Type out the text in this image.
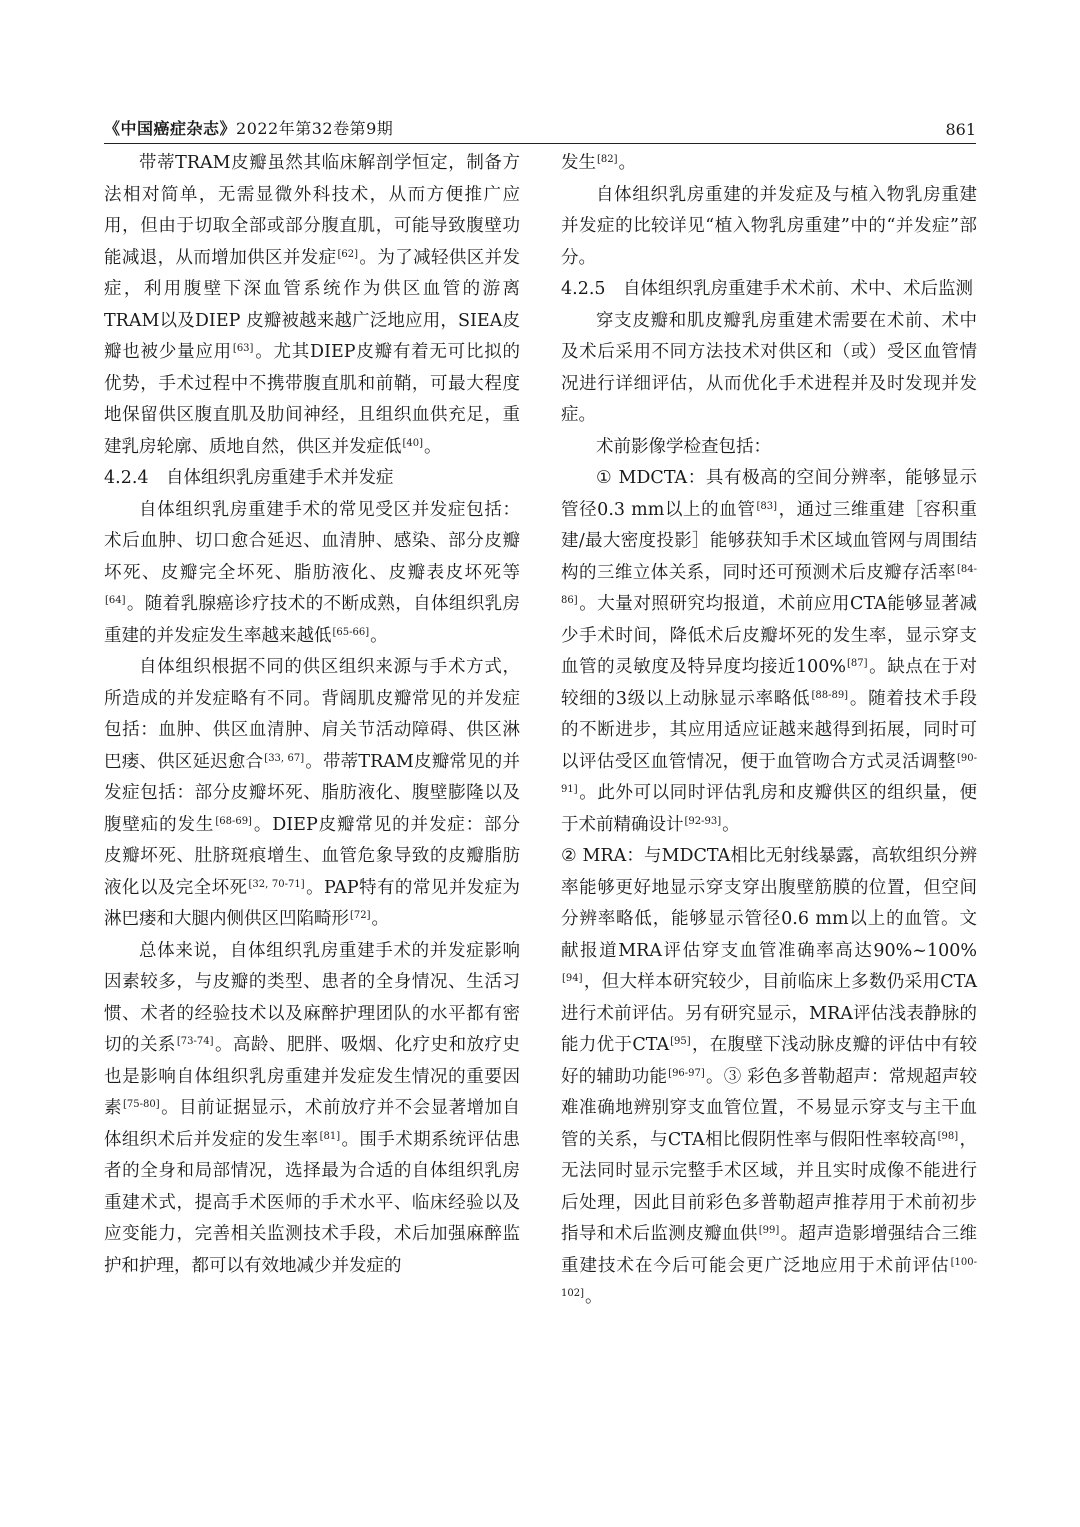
《中国癌症杂志》2022年第32卷第9期	861

带蒂TRAM皮瓣虽然其临床解剖学恒定，制备方法相对简单，无需显微外科技术，从而方便推广应用，但由于切取全部或部分腹直肌，可能导致腹壁功能减退，从而增加供区并发症[62]。为了减轻供区并发症，利用腹壁下深血管系统作为供区血管的游离TRAM以及DIEP 皮瓣被越来越广泛地应用，SIEA皮瓣也被少量应用[63]。尤其DIEP皮瓣有着无可比拟的优势，手术过程中不携带腹直肌和前鞘，可最大程度地保留供区腹直肌及肋间神经，且组织血供充足，重建乳房轮廓、质地自然，供区并发症低[40]。

4.2.4　自体组织乳房重建手术并发症

自体组织乳房重建手术的常见受区并发症包括：术后血肿、切口愈合延迟、血清肿、感染、部分皮瓣坏死、皮瓣完全坏死、脂肪液化、皮瓣表皮坏死等[64]。随着乳腺癌诊疗技术的不断成熟，自体组织乳房重建的并发症发生率越来越低[65-66]。

自体组织根据不同的供区组织来源与手术方式，所造成的并发症略有不同。背阔肌皮瓣常见的并发症包括：血肿、供区血清肿、肩关节活动障碍、供区淋巴瘘、供区延迟愈合[33, 67]。带蒂TRAM皮瓣常见的并发症包括：部分皮瓣坏死、脂肪液化、腹壁膨隆以及腹壁疝的发生[68-69]。DIEP皮瓣常见的并发症：部分皮瓣坏死、肚脐斑痕增生、血管危象导致的皮瓣脂肪液化以及完全坏死[32, 70-71]。PAP特有的常见并发症为淋巴瘘和大腿内侧供区凹陷畸形[72]。

总体来说，自体组织乳房重建手术的并发症影响因素较多，与皮瓣的类型、患者的全身情况、生活习惯、术者的经验技术以及麻醉护理团队的水平都有密切的关系[73-74]。高龄、肥胖、吸烟、化疗史和放疗史也是影响自体组织乳房重建并发症发生情况的重要因素[75-80]。目前证据显示，术前放疗并不会显著增加自体组织术后并发症的发生率[81]。围手术期系统评估患者的全身和局部情况，选择最为合适的自体组织乳房重建术式，提高手术医师的手术水平、临床经验以及应变能力，完善相关监测技术手段，术后加强麻醉监护和护理，都可以有效地减少并发症的

发生[82]。

自体组织乳房重建的并发症及与植入物乳房重建并发症的比较详见“植入物乳房重建”中的“并发症”部分。

4.2.5　自体组织乳房重建手术术前、术中、术后监测

穿支皮瓣和肌皮瓣乳房重建术需要在术前、术中及术后采用不同方法技术对供区和（或）受区血管情况进行详细评估，从而优化手术进程并及时发现并发症。

术前影像学检查包括：

① MDCTA：具有极高的空间分辨率，能够显示管径0.3 mm以上的血管[83]，通过三维重建［容积重建/最大密度投影］能够获知手术区域血管网与周围结构的三维立体关系，同时还可预测术后皮瓣存活率[84-86]。大量对照研究均报道，术前应用CTA能够显著减少手术时间，降低术后皮瓣坏死的发生率，显示穿支血管的灵敏度及特异度均接近100%[87]。缺点在于对较细的3级以上动脉显示率略低[88-89]。随着技术手段的不断进步，其应用适应证越来越得到拓展，同时可以评估受区血管情况，便于血管吻合方式灵活调整[90-91]。此外可以同时评估乳房和皮瓣供区的组织量，便于术前精确设计[92-93]。

② MRA：与MDCTA相比无射线暴露，高软组织分辨率能够更好地显示穿支穿出腹壁筋膜的位置，但空间分辨率略低，能够显示管径0.6 mm以上的血管。文献报道MRA评估穿支血管准确率高达90%~100%[94]，但大样本研究较少，目前临床上多数仍采用CTA进行术前评估。另有研究显示，MRA评估浅表静脉的能力优于CTA[95]，在腹壁下浅动脉皮瓣的评估中有较好的辅助功能[96-97]。③ 彩色多普勒超声：常规超声较难准确地辨别穿支血管位置，不易显示穿支与主干血管的关系，与CTA相比假阴性率与假阳性率较高[98]，无法同时显示完整手术区域，并且实时成像不能进行后处理，因此目前彩色多普勒超声推荐用于术前初步指导和术后监测皮瓣血供[99]。超声造影增强结合三维重建技术在今后可能会更广泛地应用于术前评估[100-102]。
